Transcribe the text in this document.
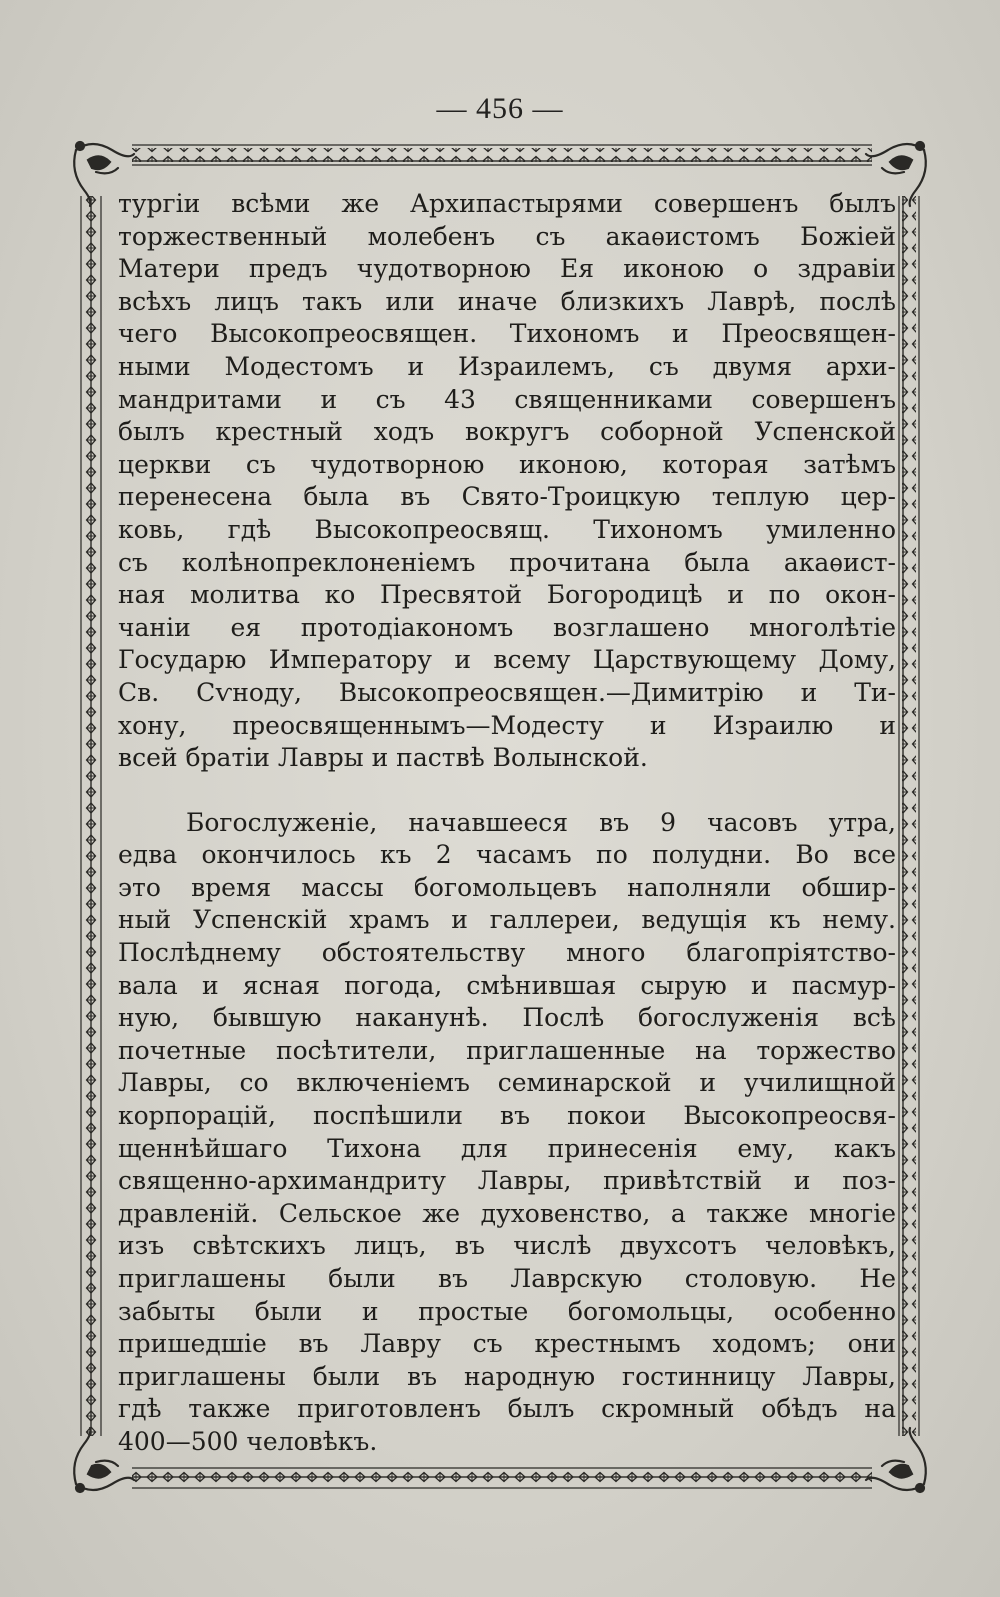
— 456 —
тургіи всѣми же Архипастырями совершенъ былъ
торжественный молебенъ съ акаѳистомъ Божіей
Матери предъ чудотворною Ея иконою о здравіи
всѣхъ лицъ такъ или иначе близкихъ Лаврѣ, послѣ
чего Высокопреосвящен. Тихономъ и Преосвящен-
ными Модестомъ и Израилемъ, съ двумя архи-
мандритами и съ 43 священниками совершенъ
былъ крестный ходъ вокругъ соборной Успенской
церкви съ чудотворною иконою, которая затѣмъ
перенесена была въ Свято-Троицкую теплую цер-
ковь, гдѣ Высокопреосвящ. Тихономъ умиленно
съ колѣнопреклоненіемъ прочитана была акаѳист-
ная молитва ко Пресвятой Богородицѣ и по окон-
чаніи ея протодіакономъ возглашено многолѣтіе
Государю Императору и всему Царствующему Дому,
Св. Сѵноду, Высокопреосвящен.—Димитрію и Ти-
хону, преосвященнымъ—Модесту и Израилю и
всей братіи Лавры и паствѣ Волынской.
Богослуженіе, начавшееся въ 9 часовъ утра,
едва окончилось къ 2 часамъ по полудни. Во все
это время массы богомольцевъ наполняли обшир-
ный Успенскій храмъ и галлереи, ведущія къ нему.
Послѣднему обстоятельству много благопріятство-
вала и ясная погода, смѣнившая сырую и пасмур-
ную, бывшую наканунѣ. Послѣ богослуженія всѣ
почетные посѣтители, приглашенные на торжество
Лавры, со включеніемъ семинарской и училищной
корпорацій, поспѣшили въ покои Высокопреосвя-
щеннѣйшаго Тихона для принесенія ему, какъ
священно-архимандриту Лавры, привѣтствій и поз-
дравленій. Сельское же духовенство, а также многіе
изъ свѣтскихъ лицъ, въ числѣ двухсотъ человѣкъ,
приглашены были въ Лаврскую столовую. Не
забыты были и простые богомольцы, особенно
пришедшіе въ Лавру съ крестнымъ ходомъ; они
приглашены были въ народную гостинницу Лавры,
гдѣ также приготовленъ былъ скромный обѣдъ на
400—500 человѣкъ.
